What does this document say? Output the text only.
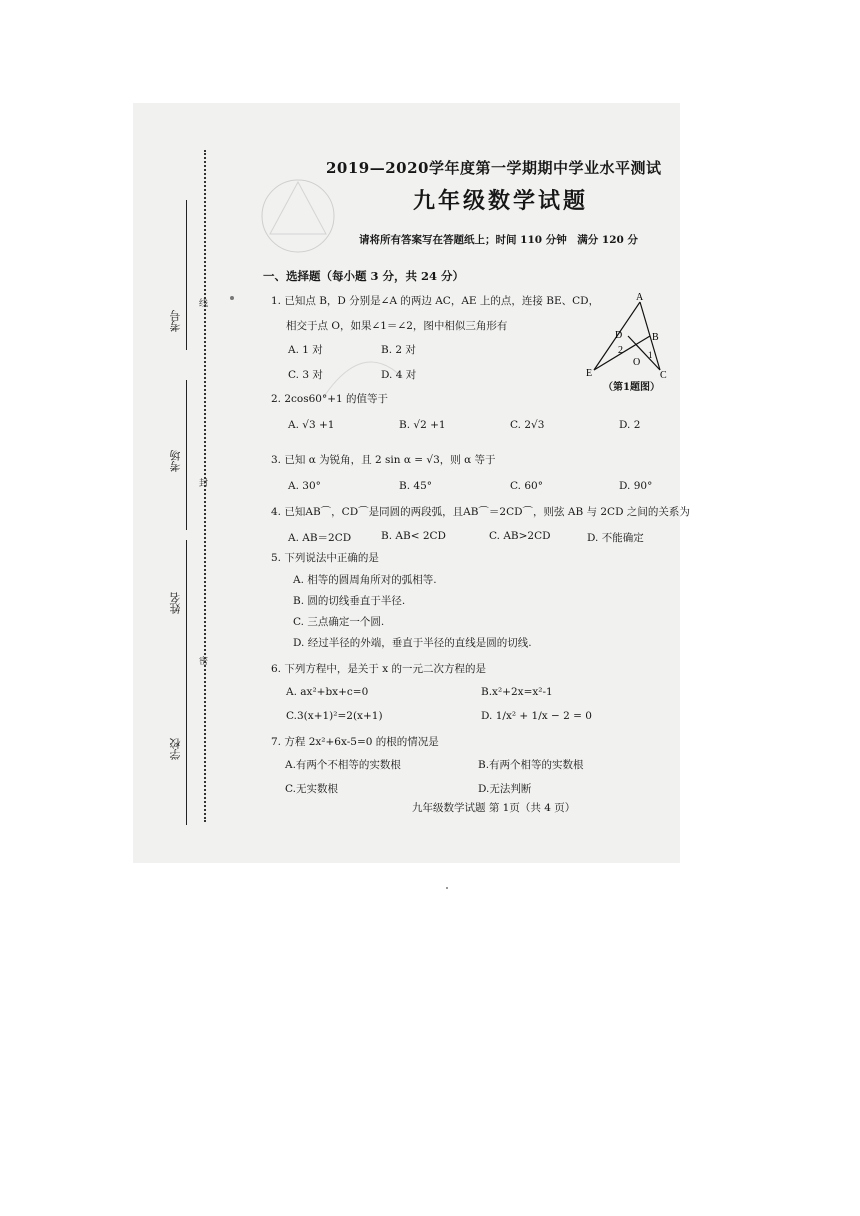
考号
线
考场
封
姓名
密
学校
2019—2020学年度第一学期期中学业水平测试
九年级数学试题
请将所有答案写在答题纸上；时间 110 分钟　满分 120 分
一、选择题（每小题 3 分，共 24 分）
1. 已知点 B，D 分别是∠A 的两边 AC，AE 上的点，连接 BE、CD，
相交于点 O，如果∠1＝∠2，图中相似三角形有
A. 1 对	B. 2 对
C. 3 对	D. 4 对
A
D	B
2	1
O
E	C
（第1题图）
2. 2cos60°+1 的值等于
A. √3 +1	B. √2 +1	C. 2√3	D. 2
3. 已知 α 为锐角，且 2 sin α = √3，则 α 等于
A. 30°	B. 45°	C. 60°	D. 90°
4. 已知AB⌒，CD⌒是同圆的两段弧，且AB⌒＝2CD⌒，则弦 AB 与 2CD 之间的关系为
A. AB＝2CD	B. AB< 2CD	C. AB>2CD	D. 不能确定
5. 下列说法中正确的是
A. 相等的圆周角所对的弧相等.
B. 圆的切线垂直于半径.
C. 三点确定一个圆.
D. 经过半径的外端，垂直于半径的直线是圆的切线.
6. 下列方程中，是关于 x 的一元二次方程的是
A. ax²+bx+c=0	B.x²+2x=x²-1
C.3(x+1)²=2(x+1)	D. 1/x² + 1/x − 2 = 0
7. 方程 2x²+6x-5=0 的根的情况是
A.有两个不相等的实数根	B.有两个相等的实数根
C.无实数根	D.无法判断
九年级数学试题 第 1页（共 4 页）
